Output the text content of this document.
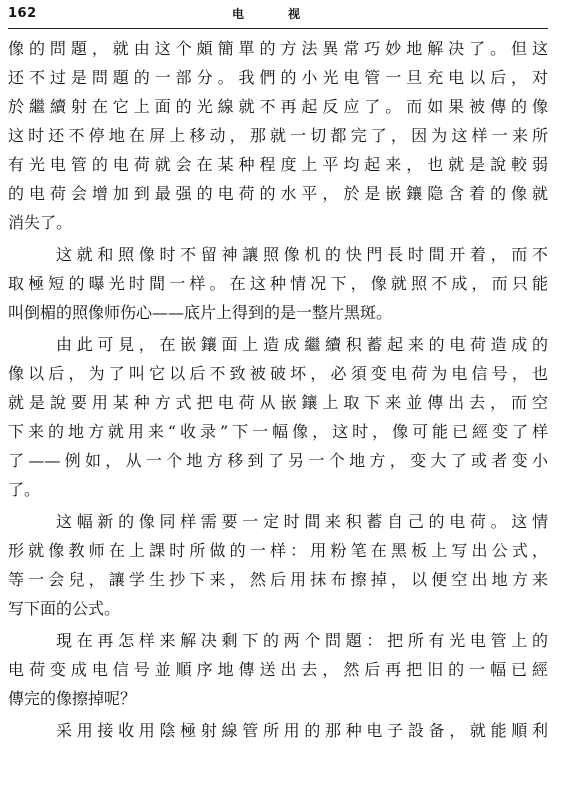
162	电视
像的問題，就由这个頗簡單的方法異常巧妙地解决了。但这
还不过是問題的一部分。我們的小光电管一旦充电以后，对
於繼續射在它上面的光線就不再起反应了。而如果被傳的像
这时还不停地在屏上移动，那就一切都完了，因为这样一来所
有光电管的电荷就会在某种程度上平均起来，也就是說較弱
的电荷会增加到最强的电荷的水平，於是嵌鑲隐含着的像就
消失了。
这就和照像时不留神讓照像机的快門長时間开着，而不
取極短的曝光时間一样。在这种情况下，像就照不成，而只能
叫倒楣的照像师伤心——底片上得到的是一整片黑斑。
由此可見，在嵌鑲面上造成繼續积蓄起来的电荷造成的
像以后，为了叫它以后不致被破坏，必須变电荷为电信号，也
就是說要用某种方式把电荷从嵌鑲上取下来並傳出去，而空
下来的地方就用来“收录”下一幅像，这时，像可能已經变了样
了——例如，从一个地方移到了另一个地方，变大了或者变小
了。
这幅新的像同样需要一定时間来积蓄自己的电荷。这情
形就像教师在上課时所做的一样：用粉笔在黑板上写出公式，
等一会兒，讓学生抄下来，然后用抹布擦掉，以便空出地方来
写下面的公式。
現在再怎样来解决剩下的两个問題：把所有光电管上的
电荷变成电信号並順序地傳送出去，然后再把旧的一幅已經
傳完的像擦掉呢？
采用接收用陰極射線管所用的那种电子設备，就能順利
